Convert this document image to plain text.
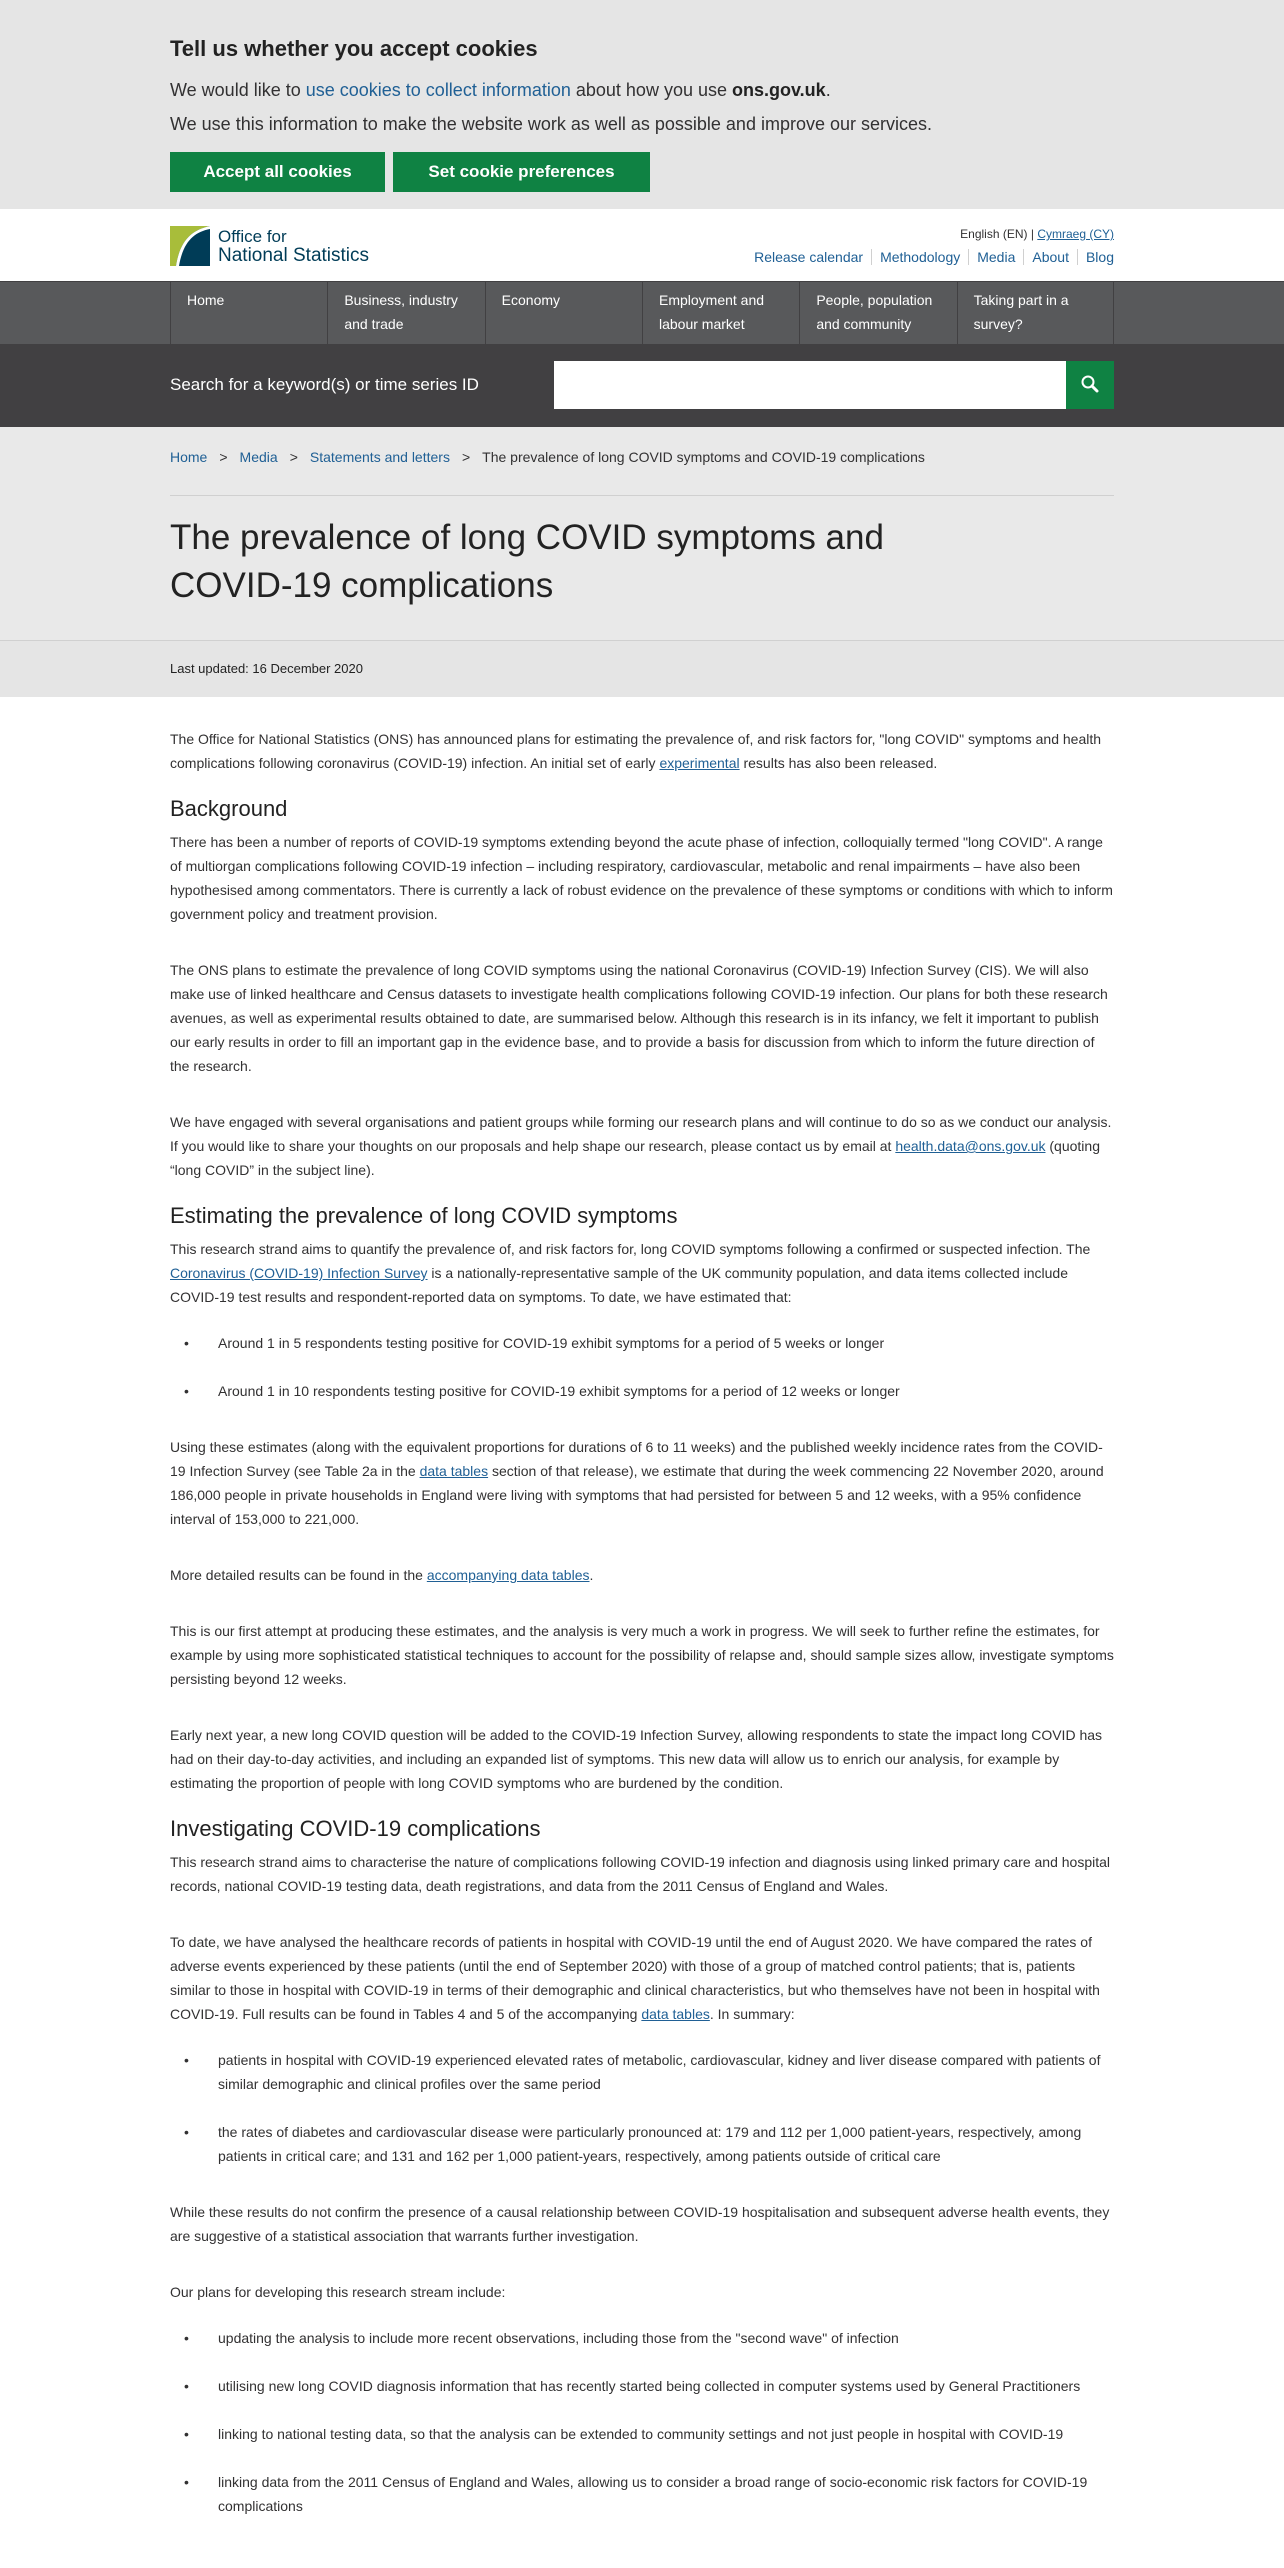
Tell us whether you accept cookies

We would like to use cookies to collect information about how you use ons.gov.uk.

We use this information to make the website work as well as possible and improve our services.

Accept all cookies	Set cookie preferences
Office for
National Statistics
English (EN) | Cymraeg (CY)
Release calendar	Methodology	Media	About	Blog
Home	Business, industry and trade
Economy	Employment and labour market
People, population and community
Taking part in a survey?
Search for a keyword(s) or time series ID
Home > Media > Statements and letters > The prevalence of long COVID symptoms and COVID-19 complications
The prevalence of long COVID symptoms and COVID-19 complications

Last updated: 16 December 2020

The Office for National Statistics (ONS) has announced plans for estimating the prevalence of, and risk factors for, "long COVID" symptoms and health complications following coronavirus (COVID-19) infection. An initial set of early experimental results has also been released.

Background

There has been a number of reports of COVID-19 symptoms extending beyond the acute phase of infection, colloquially termed "long COVID". A range of multiorgan complications following COVID-19 infection – including respiratory, cardiovascular, metabolic and renal impairments – have also been hypothesised among commentators. There is currently a lack of robust evidence on the prevalence of these symptoms or conditions with which to inform government policy and treatment provision.

The ONS plans to estimate the prevalence of long COVID symptoms using the national Coronavirus (COVID-19) Infection Survey (CIS). We will also make use of linked healthcare and Census datasets to investigate health complications following COVID-19 infection. Our plans for both these research avenues, as well as experimental results obtained to date, are summarised below. Although this research is in its infancy, we felt it important to publish our early results in order to fill an important gap in the evidence base, and to provide a basis for discussion from which to inform the future direction of the research.

We have engaged with several organisations and patient groups while forming our research plans and will continue to do so as we conduct our analysis. If you would like to share your thoughts on our proposals and help shape our research, please contact us by email at health.data@ons.gov.uk (quoting “long COVID” in the subject line).

Estimating the prevalence of long COVID symptoms

This research strand aims to quantify the prevalence of, and risk factors for, long COVID symptoms following a confirmed or suspected infection. The Coronavirus (COVID-19) Infection Survey is a nationally-representative sample of the UK community population, and data items collected include COVID-19 test results and respondent-reported data on symptoms. To date, we have estimated that:

• Around 1 in 5 respondents testing positive for COVID-19 exhibit symptoms for a period of 5 weeks or longer
• Around 1 in 10 respondents testing positive for COVID-19 exhibit symptoms for a period of 12 weeks or longer

Using these estimates (along with the equivalent proportions for durations of 6 to 11 weeks) and the published weekly incidence rates from the COVID-19 Infection Survey (see Table 2a in the data tables section of that release), we estimate that during the week commencing 22 November 2020, around 186,000 people in private households in England were living with symptoms that had persisted for between 5 and 12 weeks, with a 95% confidence interval of 153,000 to 221,000.

More detailed results can be found in the accompanying data tables.

This is our first attempt at producing these estimates, and the analysis is very much a work in progress. We will seek to further refine the estimates, for example by using more sophisticated statistical techniques to account for the possibility of relapse and, should sample sizes allow, investigate symptoms persisting beyond 12 weeks.

Early next year, a new long COVID question will be added to the COVID-19 Infection Survey, allowing respondents to state the impact long COVID has had on their day-to-day activities, and including an expanded list of symptoms. This new data will allow us to enrich our analysis, for example by estimating the proportion of people with long COVID symptoms who are burdened by the condition.

Investigating COVID-19 complications

This research strand aims to characterise the nature of complications following COVID-19 infection and diagnosis using linked primary care and hospital records, national COVID-19 testing data, death registrations, and data from the 2011 Census of England and Wales.

To date, we have analysed the healthcare records of patients in hospital with COVID-19 until the end of August 2020. We have compared the rates of adverse events experienced by these patients (until the end of September 2020) with those of a group of matched control patients; that is, patients similar to those in hospital with COVID-19 in terms of their demographic and clinical characteristics, but who themselves have not been in hospital with COVID-19. Full results can be found in Tables 4 and 5 of the accompanying data tables. In summary:

• patients in hospital with COVID-19 experienced elevated rates of metabolic, cardiovascular, kidney and liver disease compared with patients of similar demographic and clinical profiles over the same period
• the rates of diabetes and cardiovascular disease were particularly pronounced at: 179 and 112 per 1,000 patient-years, respectively, among patients in critical care; and 131 and 162 per 1,000 patient-years, respectively, among patients outside of critical care

While these results do not confirm the presence of a causal relationship between COVID-19 hospitalisation and subsequent adverse health events, they are suggestive of a statistical association that warrants further investigation.

Our plans for developing this research stream include:

• updating the analysis to include more recent observations, including those from the "second wave" of infection
• utilising new long COVID diagnosis information that has recently started being collected in computer systems used by General Practitioners
• linking to national testing data, so that the analysis can be extended to community settings and not just people in hospital with COVID-19
• linking data from the 2011 Census of England and Wales, allowing us to consider a broad range of socio-economic risk factors for COVID-19 complications
